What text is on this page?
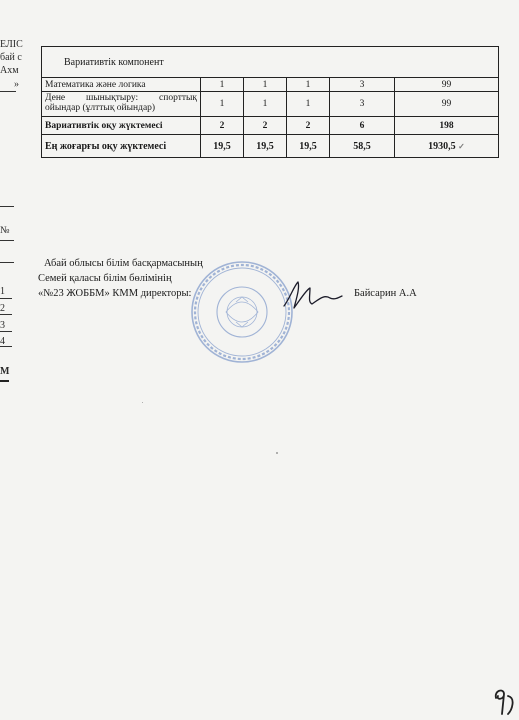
ЕЛІС
бай с
Ахм
»
№
1
2
3
4
М
Вариативтік компонент					
Математика және логика	1	1	1	3	99
Дене шынықтыру: спорттық ойындар (ұлттық ойындар)	1	1	1	3	99
Вариативтік оқу жүктемесі	2	2	2	6	198
Ең жоғарғы оқу жүктемесі	19,5	19,5	19,5	58,5	1930,5 ✓
Абай облысы білім басқармасының
Семей қаласы білім бөлімінің
«№23 ЖОББМ» КММ директоры:	Байсарин А.А
